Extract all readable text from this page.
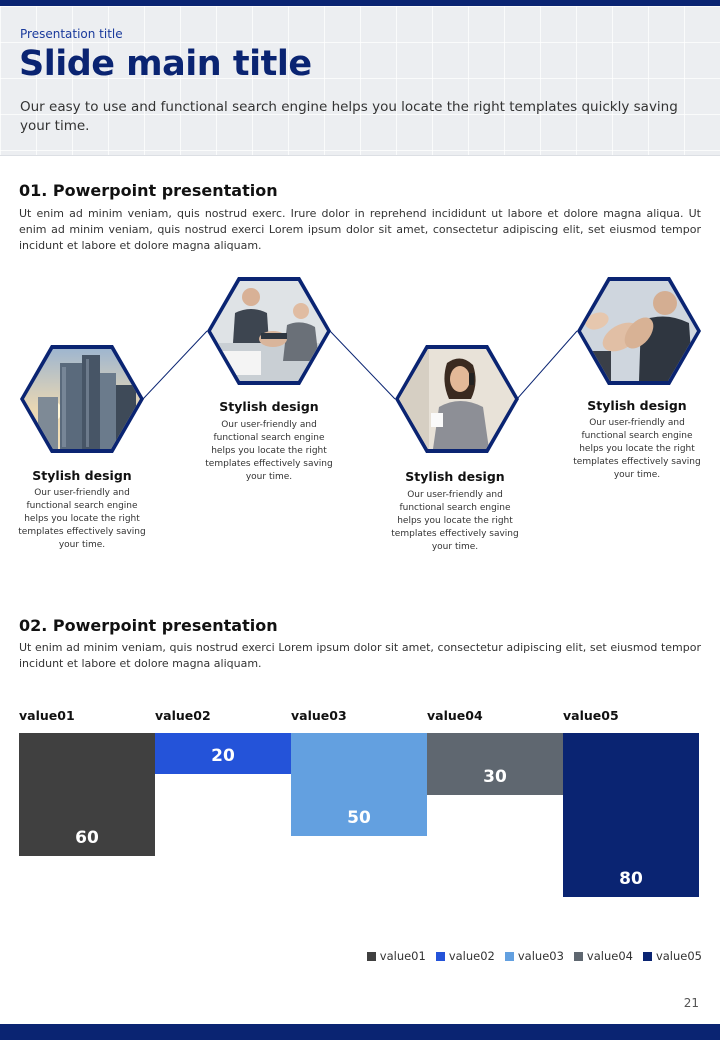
Presentation title
Slide main title
Our easy to use and functional search engine helps you locate the right templates quickly saving your time.
01. Powerpoint presentation
Ut enim ad minim veniam, quis nostrud exerc. Irure dolor in reprehend incididunt ut labore et dolore magna aliqua. Ut enim ad minim veniam, quis nostrud exerci Lorem ipsum dolor sit amet, consectetur adipiscing elit, set eiusmod tempor incidunt et labore et dolore magna aliquam.
Stylish design
Our user-friendly and functional search engine helps you locate the right templates effectively saving your time.
Stylish design
Our user-friendly and functional search engine helps you locate the right templates effectively saving your time.	Stylish design
Our user-friendly and functional search engine helps you locate the right templates effectively saving your time.
Stylish design
Our user-friendly and functional search engine helps you locate the right templates effectively saving your time.
02. Powerpoint presentation
Ut enim ad minim veniam, quis nostrud exerci Lorem ipsum dolor sit amet, consectetur adipiscing elit, set eiusmod tempor incidunt et labore et dolore magna aliquam.
value01
60
value02
20
value03
50
value04
30
value05
80
value01 value02 value03 value04 value05
21
